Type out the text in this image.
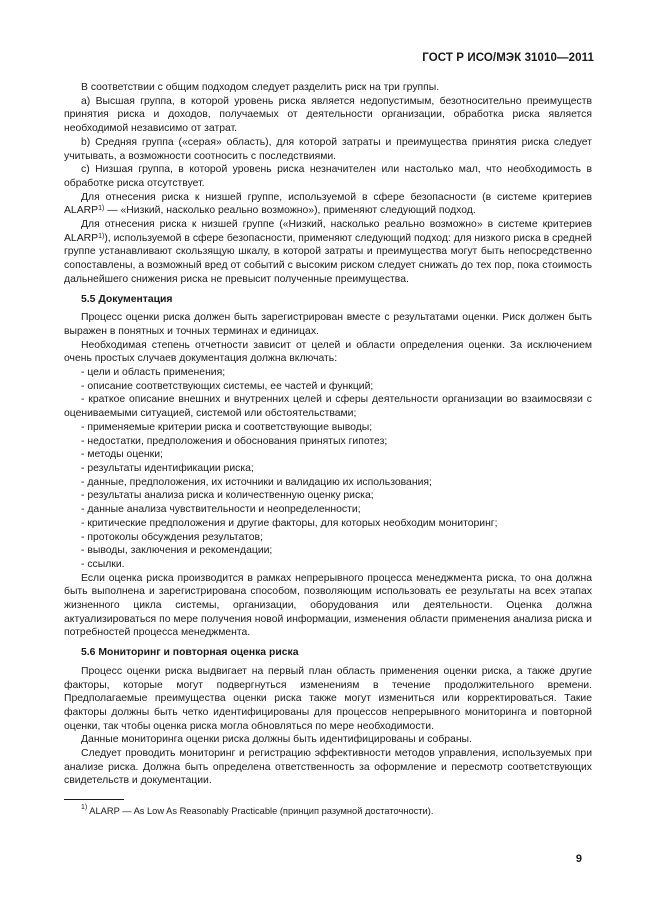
ГОСТ Р ИСО/МЭК 31010—2011

В соответствии с общим подходом следует разделить риск на три группы.

a) Высшая группа, в которой уровень риска является недопустимым, безотносительно преимуществ принятия риска и доходов, получаемых от деятельности организации, обработка риска является необходимой независимо от затрат.

b) Средняя группа («серая» область), для которой затраты и преимущества принятия риска следует учитывать, а возможности соотносить с последствиями.

c) Низшая группа, в которой уровень риска незначителен или настолько мал, что необходимость в обработке риска отсутствует.

Для отнесения риска к низшей группе, используемой в сфере безопасности (в системе критериев ALARP$^{1)}$ — «Низкий, насколько реально возможно»), применяют следующий подход.

Для отнесения риска к низшей группе («Низкий, насколько реально возможно» в системе критериев ALARP$^{1)}$), используемой в сфере безопасности, применяют следующий подход: для низкого риска в средней группе устанавливают скользящую шкалу, в которой затраты и преимущества могут быть непосредственно сопоставлены, а возможный вред от событий с высоким риском следует снижать до тех пор, пока стоимость дальнейшего снижения риска не превысит полученные преимущества.

5.5 Документация

Процесс оценки риска должен быть зарегистрирован вместе с результатами оценки. Риск должен быть выражен в понятных и точных терминах и единицах.

Необходимая степень отчетности зависит от целей и области определения оценки. За исключением очень простых случаев документация должна включать:

- цели и область применения;

- описание соответствующих системы, ее частей и функций;

- краткое описание внешних и внутренних целей и сферы деятельности организации во взаимосвязи с оцениваемыми ситуацией, системой или обстоятельствами;

- применяемые критерии риска и соответствующие выводы;

- недостатки, предположения и обоснования принятых гипотез;

- методы оценки;

- результаты идентификации риска;

- данные, предположения, их источники и валидацию их использования;

- результаты анализа риска и количественную оценку риска;

- данные анализа чувствительности и неопределенности;

- критические предположения и другие факторы, для которых необходим мониторинг;

- протоколы обсуждения результатов;

- выводы, заключения и рекомендации;

- ссылки.

Если оценка риска производится в рамках непрерывного процесса менеджмента риска, то она должна быть выполнена и зарегистрирована способом, позволяющим использовать ее результаты на всех этапах жизненного цикла системы, организации, оборудования или деятельности. Оценка должна актуализироваться по мере получения новой информации, изменения области применения анализа риска и потребностей процесса менеджмента.

5.6 Мониторинг и повторная оценка риска

Процесс оценки риска выдвигает на первый план область применения оценки риска, а также другие факторы, которые могут подвергнуться изменениям в течение продолжительного времени. Предполагаемые преимущества оценки риска также могут измениться или корректироваться. Такие факторы должны быть четко идентифицированы для процессов непрерывного мониторинга и повторной оценки, так чтобы оценка риска могла обновляться по мере необходимости.

Данные мониторинга оценки риска должны быть идентифицированы и собраны.

Следует проводить мониторинг и регистрацию эффективности методов управления, используемых при анализе риска. Должна быть определена ответственность за оформление и пересмотр соответствующих свидетельств и документации.

$^{1)}$ ALARP — As Low As Reasonably Practicable (принцип разумной достаточности).
9
